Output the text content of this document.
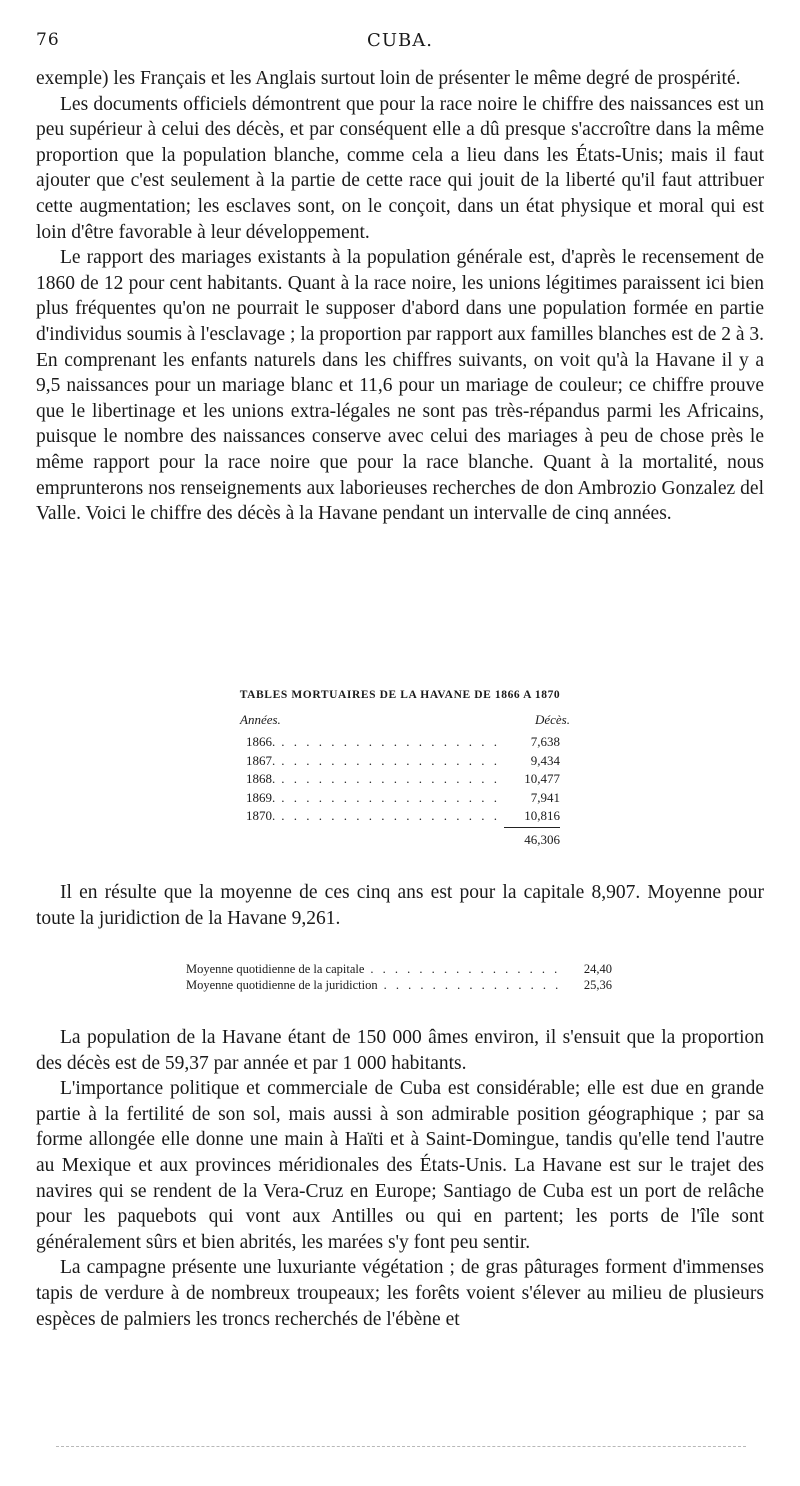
76	CUBA.

exemple) les Français et les Anglais surtout loin de présenter le même degré de prospérité.

Les documents officiels démontrent que pour la race noire le chiffre des naissances est un peu supérieur à celui des décès, et par conséquent elle a dû presque s'accroître dans la même proportion que la population blanche, comme cela a lieu dans les États-Unis; mais il faut ajouter que c'est seulement à la partie de cette race qui jouit de la liberté qu'il faut attribuer cette augmentation; les esclaves sont, on le conçoit, dans un état physique et moral qui est loin d'être favorable à leur développement.

Le rapport des mariages existants à la population générale est, d'après le recensement de 1860 de 12 pour cent habitants. Quant à la race noire, les unions légitimes paraissent ici bien plus fréquentes qu'on ne pourrait le supposer d'abord dans une population formée en partie d'individus soumis à l'esclavage ; la proportion par rapport aux familles blanches est de 2 à 3. En comprenant les enfants naturels dans les chiffres suivants, on voit qu'à la Havane il y a 9,5 naissances pour un mariage blanc et 11,6 pour un mariage de couleur; ce chiffre prouve que le libertinage et les unions extra-légales ne sont pas très-répandus parmi les Africains, puisque le nombre des naissances conserve avec celui des mariages à peu de chose près le même rapport pour la race noire que pour la race blanche. Quant à la mortalité, nous emprunterons nos renseignements aux laborieuses recherches de don Ambrozio Gonzalez del Valle. Voici le chiffre des décès à la Havane pendant un intervalle de cinq années.

TABLES MORTUAIRES DE LA HAVANE DE 1866 A 1870
Années.	Décès.
1866. . . .	7,638
1867. . . .	9,434
1868. . . .	10,477
1869. . . .	7,941
1870. . . .	10,816
46,306

Il en résulte que la moyenne de ces cinq ans est pour la capitale 8,907. Moyenne pour toute la juridiction de la Havane 9,261.

Moyenne quotidienne de la capitale . . .	24,40
Moyenne quotidienne de la juridiction . . .	25,36

La population de la Havane étant de 150 000 âmes environ, il s'ensuit que la proportion des décès est de 59,37 par année et par 1 000 habitants.

L'importance politique et commerciale de Cuba est considérable; elle est due en grande partie à la fertilité de son sol, mais aussi à son admirable position géographique ; par sa forme allongée elle donne une main à Haïti et à Saint-Domingue, tandis qu'elle tend l'autre au Mexique et aux provinces méridionales des États-Unis. La Havane est sur le trajet des navires qui se rendent de la Vera-Cruz en Europe; Santiago de Cuba est un port de relâche pour les paquebots qui vont aux Antilles ou qui en partent; les ports de l'île sont généralement sûrs et bien abrités, les marées s'y font peu sentir.

La campagne présente une luxuriante végétation ; de gras pâturages forment d'immenses tapis de verdure à de nombreux troupeaux; les forêts voient s'élever au milieu de plusieurs espèces de palmiers les troncs recherchés de l'ébène et
